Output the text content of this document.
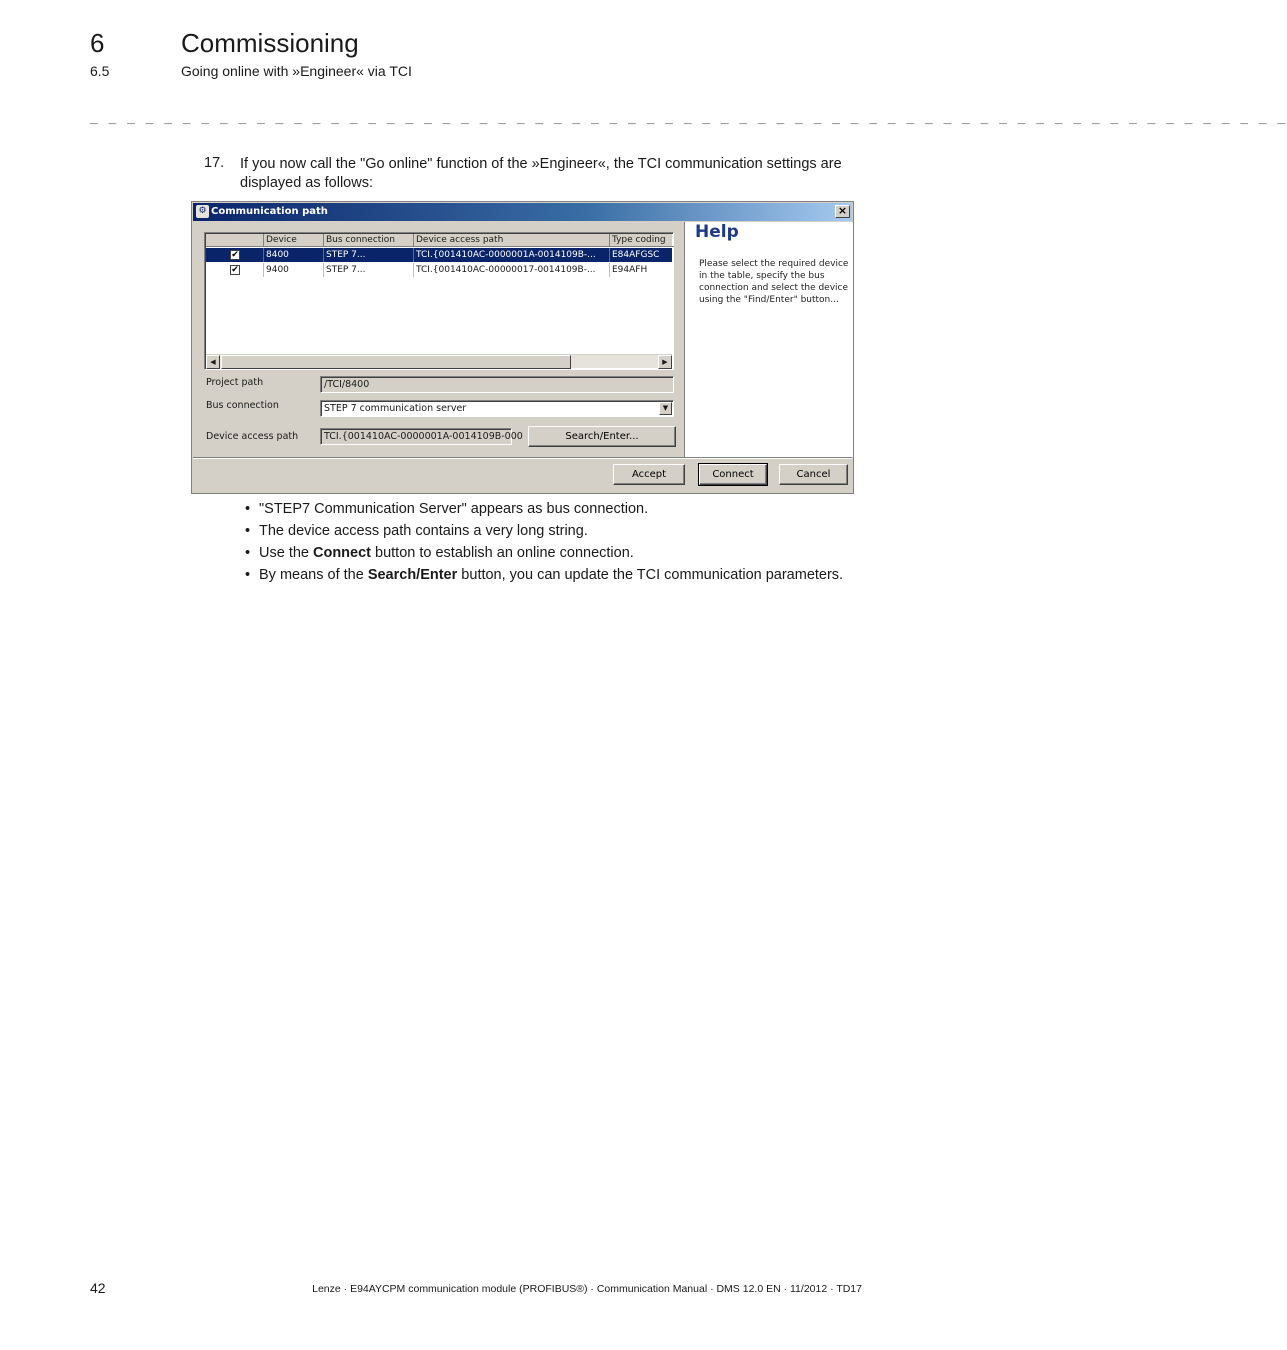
6	Commissioning
6.5	Going online with »Engineer« via TCI
_ _ _ _ _ _ _ _ _ _ _ _ _ _ _ _ _ _ _ _ _ _ _ _ _ _ _ _ _ _ _ _ _ _ _ _ _ _ _ _ _ _ _ _ _ _ _ _ _ _ _ _ _ _ _ _ _ _ _ _ _ _ _ _ _
17. If you now call the "Go online" function of the »Engineer«, the TCI communication settings are displayed as follows:
⚙ Communication path	×
Device	Bus connection	Device access path	Type coding
✔	8400	STEP 7...	TCI.{001410AC-0000001A-0014109B-...	E84AFGSC
✔	9400	STEP 7...	TCI.{001410AC-00000017-0014109B-...	E94AFH
◀	▶
Project path	/TCI/8400
Bus connection	STEP 7 communication server	▼
Device access path	TCI.{001410AC-0000001A-0014109B-000	Search/Enter...
Help
Please select the required device in the table, specify the bus connection and select the device using the "Find/Enter" button...
Accept	Connect	Cancel
• "STEP7 Communication Server" appears as bus connection.
• The device access path contains a very long string.
• Use the Connect button to establish an online connection.
• By means of the Search/Enter button, you can update the TCI communication parameters.
42	Lenze · E94AYCPM communication module (PROFIBUS®) · Communication Manual · DMS 12.0 EN · 11/2012 · TD17
